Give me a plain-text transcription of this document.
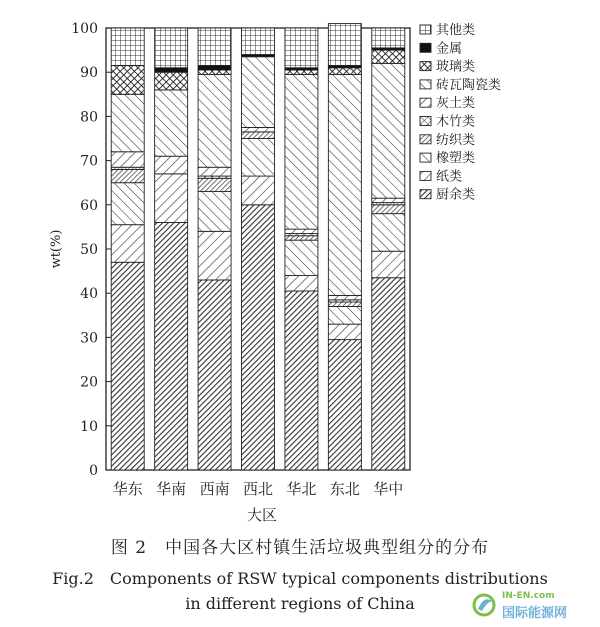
0
10
20
30
40
50
60
70
80
90
100
wt(%)
华东 华南 西南 西北 华北 东北 华中
大区
其他类
金属
玻璃类
砖瓦陶瓷类
灰土类
木竹类
纺织类
橡塑类
纸类
厨余类
图 2　中国各大区村镇生活垃圾典型组分的分布
Fig.2　Components of RSW typical components distributions
in different regions of China	IN-EN.com
国际能源网
